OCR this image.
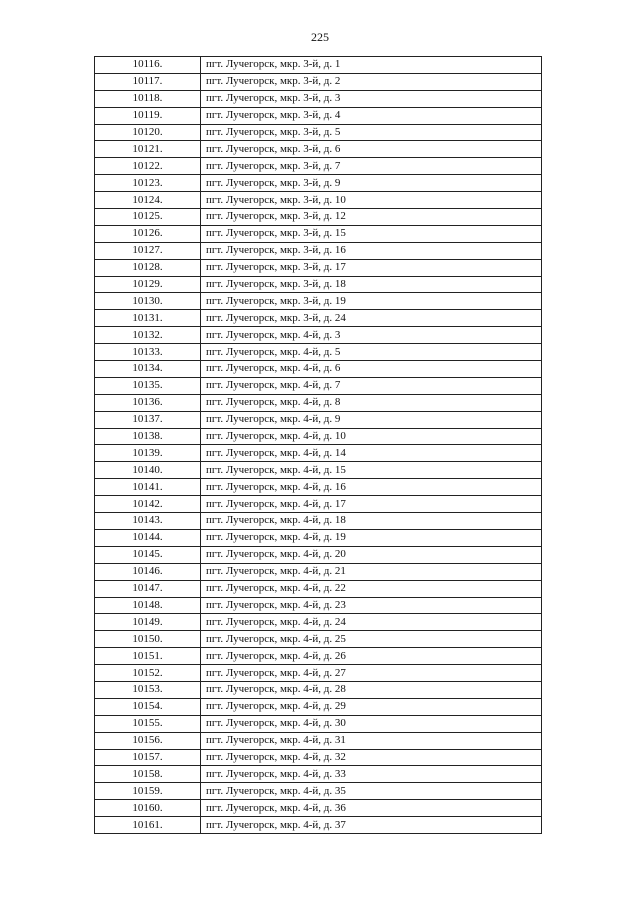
225
10116.	пгт. Лучегорск, мкр. 3-й, д. 1
10117.	пгт. Лучегорск, мкр. 3-й, д. 2
10118.	пгт. Лучегорск, мкр. 3-й, д. 3
10119.	пгт. Лучегорск, мкр. 3-й, д. 4
10120.	пгт. Лучегорск, мкр. 3-й, д. 5
10121.	пгт. Лучегорск, мкр. 3-й, д. 6
10122.	пгт. Лучегорск, мкр. 3-й, д. 7
10123.	пгт. Лучегорск, мкр. 3-й, д. 9
10124.	пгт. Лучегорск, мкр. 3-й, д. 10
10125.	пгт. Лучегорск, мкр. 3-й, д. 12
10126.	пгт. Лучегорск, мкр. 3-й, д. 15
10127.	пгт. Лучегорск, мкр. 3-й, д. 16
10128.	пгт. Лучегорск, мкр. 3-й, д. 17
10129.	пгт. Лучегорск, мкр. 3-й, д. 18
10130.	пгт. Лучегорск, мкр. 3-й, д. 19
10131.	пгт. Лучегорск, мкр. 3-й, д. 24
10132.	пгт. Лучегорск, мкр. 4-й, д. 3
10133.	пгт. Лучегорск, мкр. 4-й, д. 5
10134.	пгт. Лучегорск, мкр. 4-й, д. 6
10135.	пгт. Лучегорск, мкр. 4-й, д. 7
10136.	пгт. Лучегорск, мкр. 4-й, д. 8
10137.	пгт. Лучегорск, мкр. 4-й, д. 9
10138.	пгт. Лучегорск, мкр. 4-й, д. 10
10139.	пгт. Лучегорск, мкр. 4-й, д. 14
10140.	пгт. Лучегорск, мкр. 4-й, д. 15
10141.	пгт. Лучегорск, мкр. 4-й, д. 16
10142.	пгт. Лучегорск, мкр. 4-й, д. 17
10143.	пгт. Лучегорск, мкр. 4-й, д. 18
10144.	пгт. Лучегорск, мкр. 4-й, д. 19
10145.	пгт. Лучегорск, мкр. 4-й, д. 20
10146.	пгт. Лучегорск, мкр. 4-й, д. 21
10147.	пгт. Лучегорск, мкр. 4-й, д. 22
10148.	пгт. Лучегорск, мкр. 4-й, д. 23
10149.	пгт. Лучегорск, мкр. 4-й, д. 24
10150.	пгт. Лучегорск, мкр. 4-й, д. 25
10151.	пгт. Лучегорск, мкр. 4-й, д. 26
10152.	пгт. Лучегорск, мкр. 4-й, д. 27
10153.	пгт. Лучегорск, мкр. 4-й, д. 28
10154.	пгт. Лучегорск, мкр. 4-й, д. 29
10155.	пгт. Лучегорск, мкр. 4-й, д. 30
10156.	пгт. Лучегорск, мкр. 4-й, д. 31
10157.	пгт. Лучегорск, мкр. 4-й, д. 32
10158.	пгт. Лучегорск, мкр. 4-й, д. 33
10159.	пгт. Лучегорск, мкр. 4-й, д. 35
10160.	пгт. Лучегорск, мкр. 4-й, д. 36
10161.	пгт. Лучегорск, мкр. 4-й, д. 37
